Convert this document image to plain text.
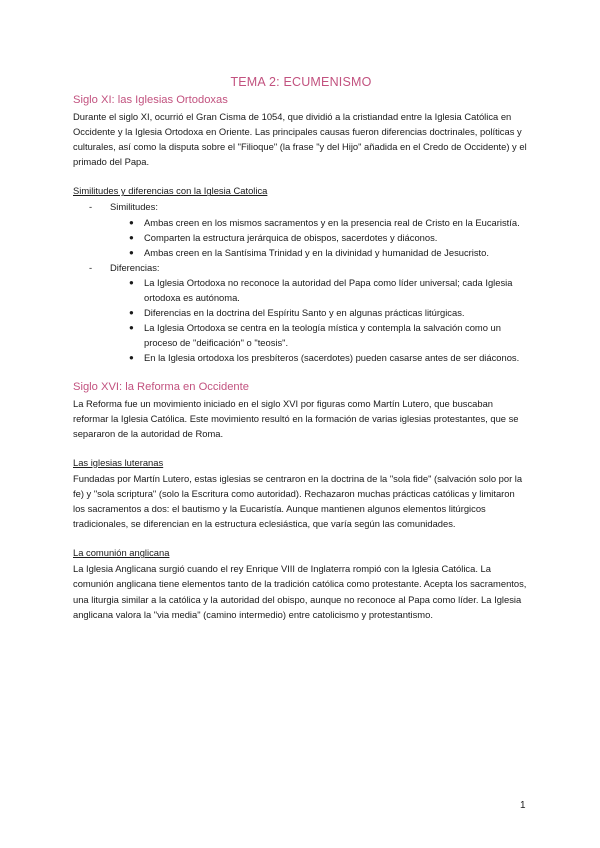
TEMA 2: ECUMENISMO
Siglo XI: las Iglesias Ortodoxas

Durante el siglo XI, ocurrió el Gran Cisma de 1054, que dividió a la cristiandad entre la Iglesia Católica en Occidente y la Iglesia Ortodoxa en Oriente. Las principales causas fueron diferencias doctrinales, políticas y culturales, así como la disputa sobre el "Filioque" (la frase "y del Hijo" añadida en el Credo de Occidente) y el primado del Papa.

Similitudes y diferencias con la Iglesia Catolica

- Similitudes:
● Ambas creen en los mismos sacramentos y en la presencia real de Cristo en la Eucaristía.
● Comparten la estructura jerárquica de obispos, sacerdotes y diáconos.
● Ambas creen en la Santísima Trinidad y en la divinidad y humanidad de Jesucristo.
- Diferencias:
● La Iglesia Ortodoxa no reconoce la autoridad del Papa como líder universal; cada Iglesia ortodoxa es autónoma.
● Diferencias en la doctrina del Espíritu Santo y en algunas prácticas litúrgicas.
● La Iglesia Ortodoxa se centra en la teología mística y contempla la salvación como un proceso de "deificación" o "teosis".
● En la Iglesia ortodoxa los presbíteros (sacerdotes) pueden casarse antes de ser diáconos.
Siglo XVI: la Reforma en Occidente

La Reforma fue un movimiento iniciado en el siglo XVI por figuras como Martín Lutero, que buscaban reformar la Iglesia Católica. Este movimiento resultó en la formación de varias iglesias protestantes, que se separaron de la autoridad de Roma.

Las iglesias luteranas

Fundadas por Martín Lutero, estas iglesias se centraron en la doctrina de la "sola fide" (salvación solo por la fe) y "sola scriptura" (solo la Escritura como autoridad). Rechazaron muchas prácticas católicas y limitaron los sacramentos a dos: el bautismo y la Eucaristía. Aunque mantienen algunos elementos litúrgicos tradicionales, se diferencian en la estructura eclesiástica, que varía según las comunidades.

La comunión anglicana

La Iglesia Anglicana surgió cuando el rey Enrique VIII de Inglaterra rompió con la Iglesia Católica. La comunión anglicana tiene elementos tanto de la tradición católica como protestante. Acepta los sacramentos, una liturgia similar a la católica y la autoridad del obispo, aunque no reconoce al Papa como líder. La Iglesia anglicana valora la "via media" (camino intermedio) entre catolicismo y protestantismo.

1
